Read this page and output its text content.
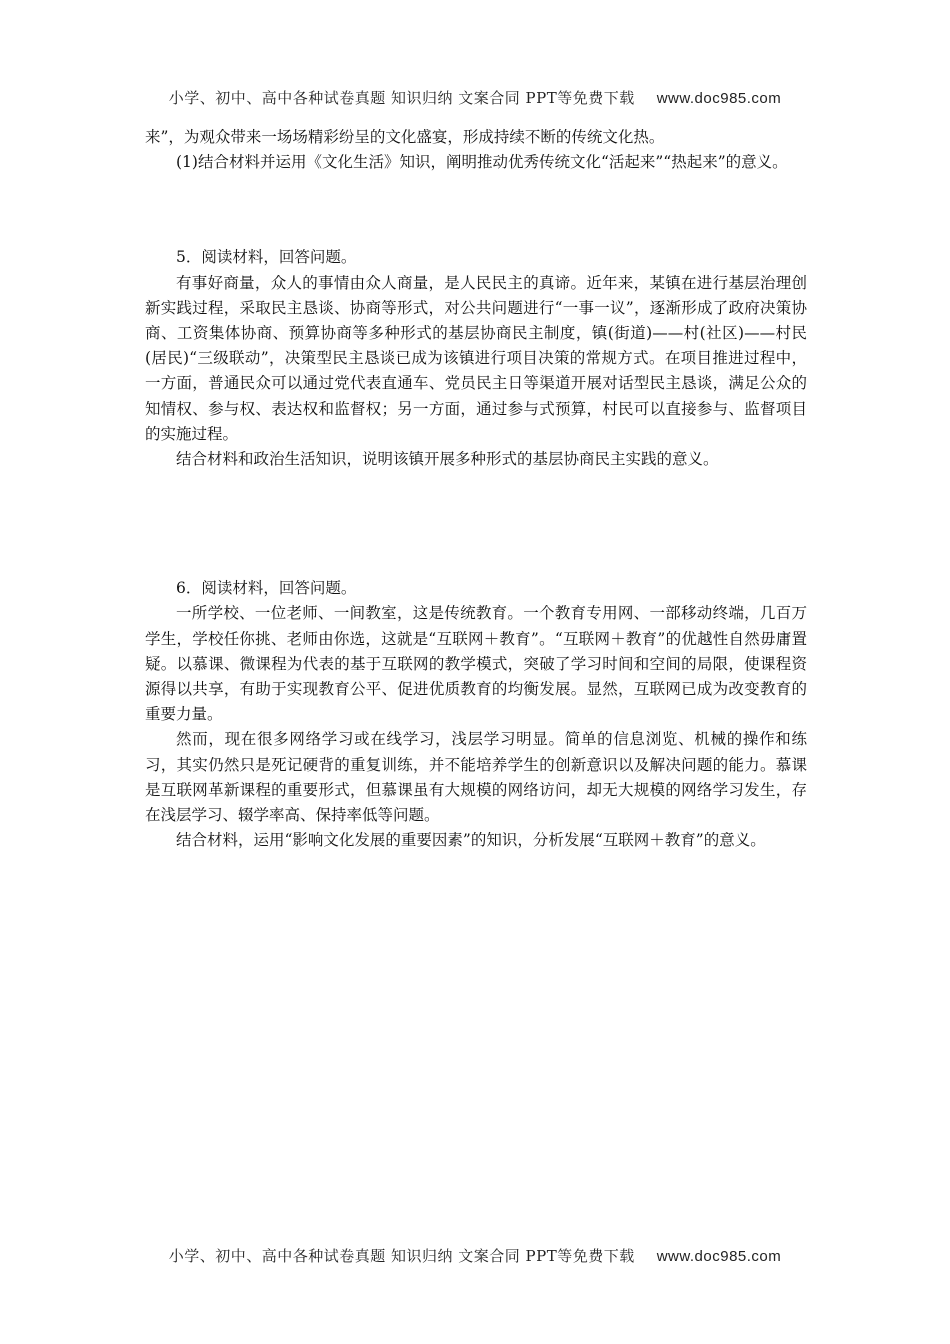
小学、初中、高中各种试卷真题 知识归纳 文案合同 PPT等免费下载 www.doc985.com

来”，为观众带来一场场精彩纷呈的文化盛宴，形成持续不断的传统文化热。

(1)结合材料并运用《文化生活》知识，阐明推动优秀传统文化“活起来”“热起来”的意义。

5．阅读材料，回答问题。

有事好商量，众人的事情由众人商量，是人民民主的真谛。近年来，某镇在进行基层治理创新实践过程，采取民主恳谈、协商等形式，对公共问题进行“一事一议”，逐渐形成了政府决策协商、工资集体协商、预算协商等多种形式的基层协商民主制度，镇(街道)——村(社区)——村民(居民)“三级联动”，决策型民主恳谈已成为该镇进行项目决策的常规方式。在项目推进过程中，一方面，普通民众可以通过党代表直通车、党员民主日等渠道开展对话型民主恳谈，满足公众的知情权、参与权、表达权和监督权；另一方面，通过参与式预算，村民可以直接参与、监督项目的实施过程。

结合材料和政治生活知识，说明该镇开展多种形式的基层协商民主实践的意义。

6．阅读材料，回答问题。

一所学校、一位老师、一间教室，这是传统教育。一个教育专用网、一部移动终端，几百万学生，学校任你挑、老师由你选，这就是“互联网＋教育”。“互联网＋教育”的优越性自然毋庸置疑。以慕课、微课程为代表的基于互联网的教学模式，突破了学习时间和空间的局限，使课程资源得以共享，有助于实现教育公平、促进优质教育的均衡发展。显然，互联网已成为改变教育的重要力量。

然而，现在很多网络学习或在线学习，浅层学习明显。简单的信息浏览、机械的操作和练习，其实仍然只是死记硬背的重复训练，并不能培养学生的创新意识以及解决问题的能力。慕课是互联网革新课程的重要形式，但慕课虽有大规模的网络访问，却无大规模的网络学习发生，存在浅层学习、辍学率高、保持率低等问题。

结合材料，运用“影响文化发展的重要因素”的知识，分析发展“互联网＋教育”的意义。

小学、初中、高中各种试卷真题 知识归纳 文案合同 PPT等免费下载 www.doc985.com
